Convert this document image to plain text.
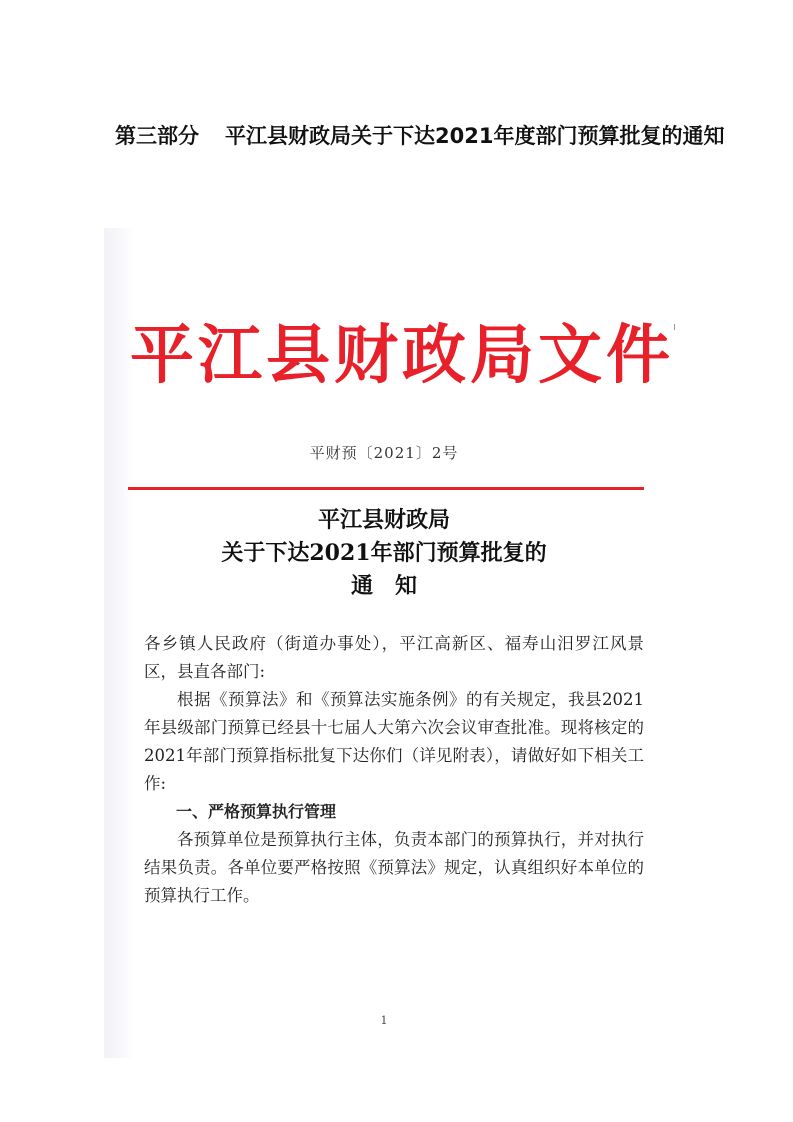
第三部分 平江县财政局关于下达2021年度部门预算批复的通知
平江县财政局文件

平财预〔2021〕2号

平江县财政局
关于下达2021年部门预算批复的
通　知

各乡镇人民政府（街道办事处），平江高新区、福寿山汨罗江风景区，县直各部门:

根据《预算法》和《预算法实施条例》的有关规定，我县2021年县级部门预算已经县十七届人大第六次会议审查批准。现将核定的2021年部门预算指标批复下达你们（详见附表），请做好如下相关工作:

一、严格预算执行管理

各预算单位是预算执行主体，负责本部门的预算执行，并对执行结果负责。各单位要严格按照《预算法》规定，认真组织好本单位的预算执行工作。

1
